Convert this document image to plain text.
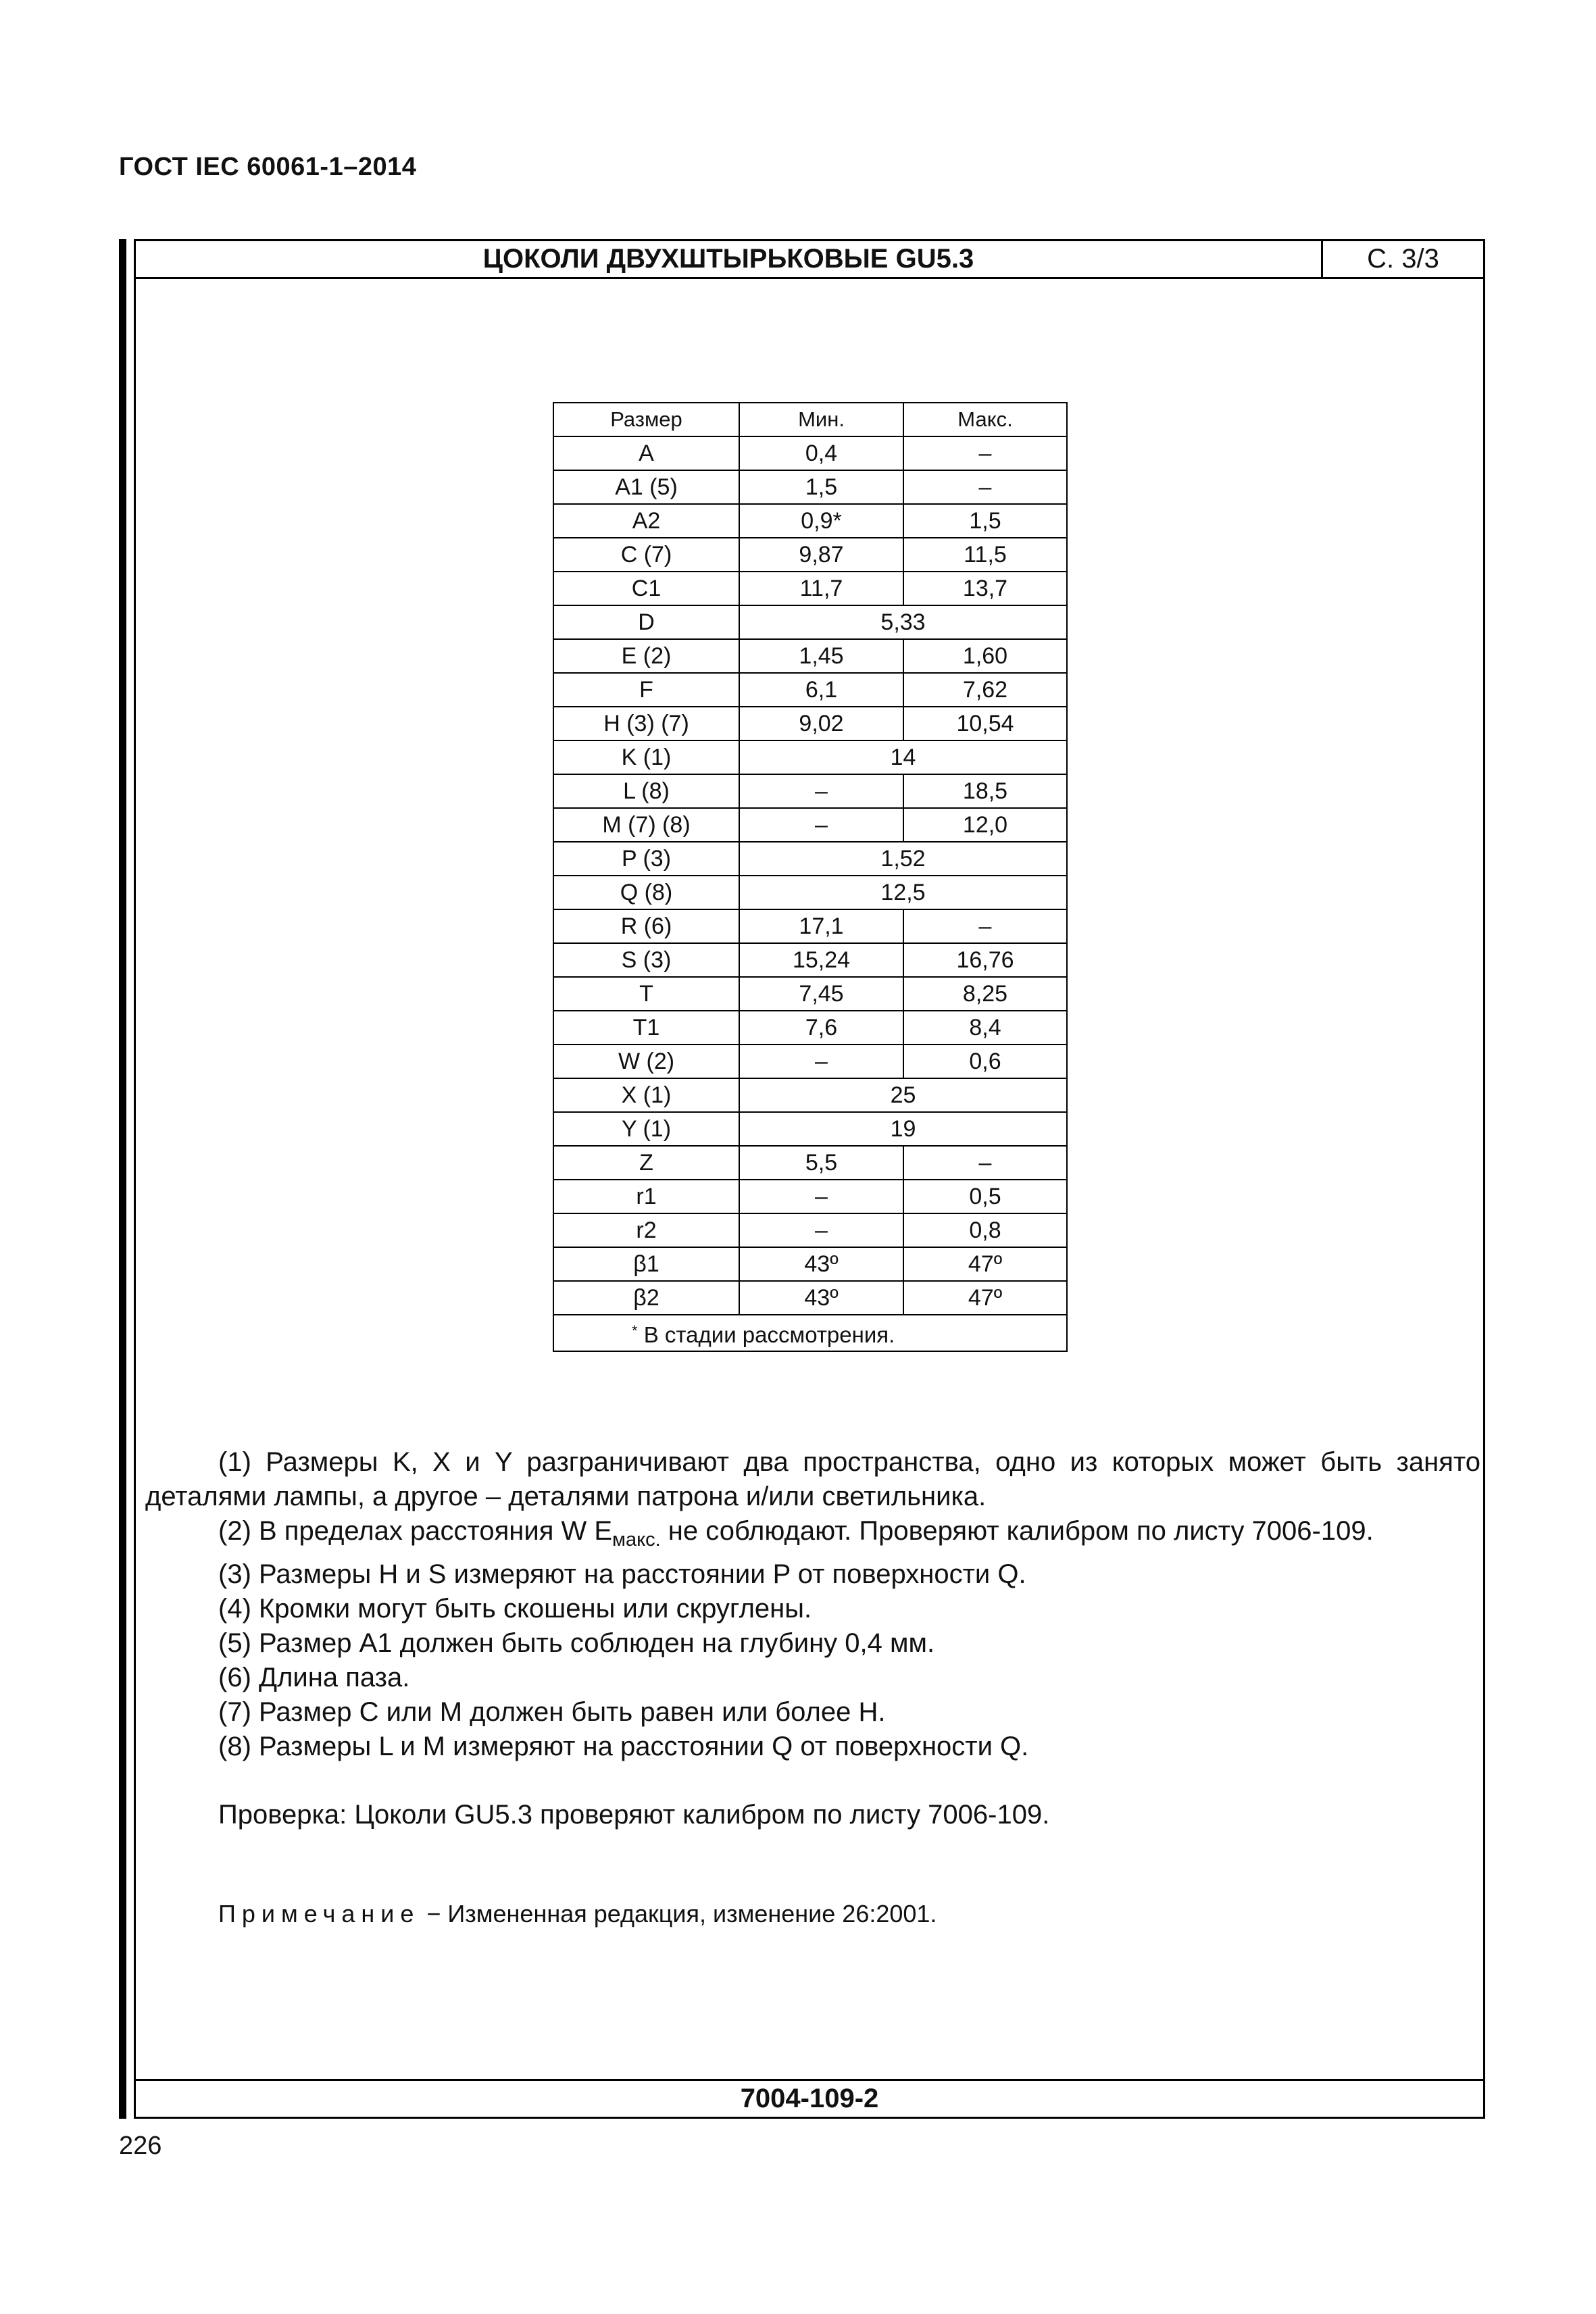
ГОСТ IEC 60061-1–2014
ЦОКОЛИ ДВУХШТЫРЬКОВЫЕ GU5.3	С. 3/3
Размер	Мин.	Макс.
A	0,4	–
A1 (5)	1,5	–
A2	0,9*	1,5
C (7)	9,87	11,5
C1	11,7	13,7
D	5,33	
E (2)	1,45	1,60
F	6,1	7,62
H (3) (7)	9,02	10,54
K (1)	14	
L (8)	–	18,5
M (7) (8)	–	12,0
P (3)	1,52	
Q (8)	12,5	
R (6)	17,1	–
S (3)	15,24	16,76
T	7,45	8,25
T1	7,6	8,4
W (2)	–	0,6
X (1)	25	
Y (1)	19	
Z	5,5	–
r1	–	0,5
r2	–	0,8
β1	43º	47º
β2	43º	47º
* В стадии рассмотрения.		

(1) Размеры K, X и Y разграничивают два пространства, одно из которых может быть занято

деталями лампы, а другое – деталями патрона и/или светильника.

(2) В пределах расстояния W $E_{макс.}$ не соблюдают. Проверяют калибром по листу 7006-109.

(3) Размеры H и S измеряют на расстоянии P от поверхности Q.

(4) Кромки могут быть скошены или скруглены.

(5) Размер A1 должен быть соблюден на глубину 0,4 мм.

(6) Длина паза.

(7) Размер C или M должен быть равен или более H.

(8) Размеры L и M измеряют на расстоянии Q от поверхности Q.

Проверка: Цоколи GU5.3 проверяют калибром по листу 7006-109.

Примечание − Измененная редакция, изменение 26:2001.

7004-109-2
226
